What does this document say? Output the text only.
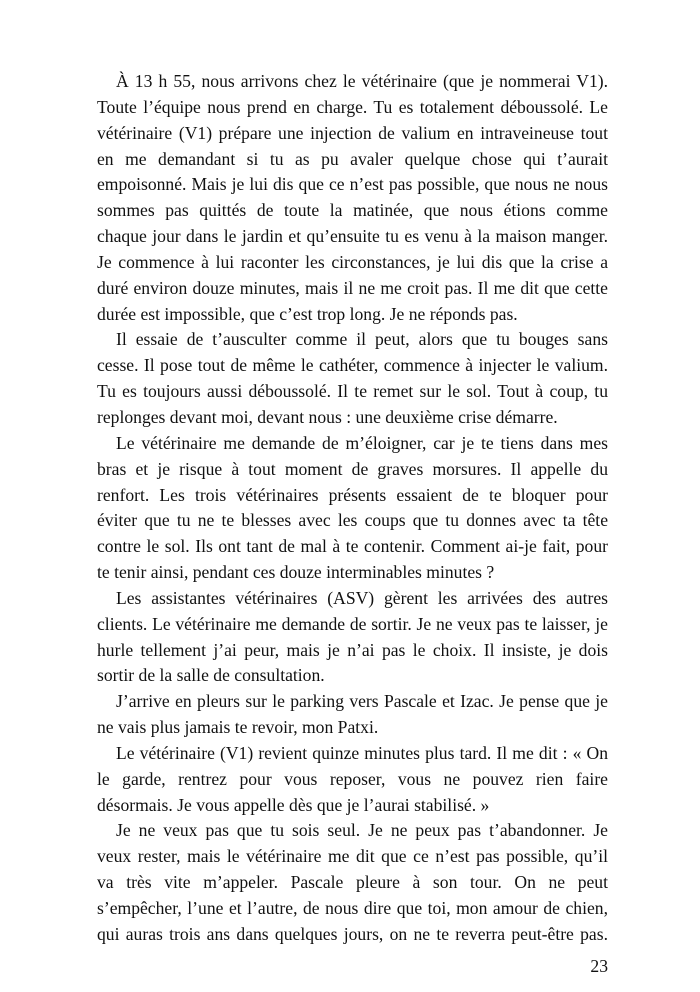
À 13 h 55, nous arrivons chez le vétérinaire (que je nommerai V1).
Toute l’équipe nous prend en charge. Tu es totalement déboussolé. Le
vétérinaire (V1) prépare une injection de valium en intraveineuse tout
en me demandant si tu as pu avaler quelque chose qui t’aurait
empoisonné. Mais je lui dis que ce n’est pas possible, que nous ne nous
sommes pas quittés de toute la matinée, que nous étions comme
chaque jour dans le jardin et qu’ensuite tu es venu à la maison manger.
Je commence à lui raconter les circonstances, je lui dis que la crise a
duré environ douze minutes, mais il ne me croit pas. Il me dit que cette
durée est impossible, que c’est trop long. Je ne réponds pas.
Il essaie de t’ausculter comme il peut, alors que tu bouges sans
cesse. Il pose tout de même le cathéter, commence à injecter le valium.
Tu es toujours aussi déboussolé. Il te remet sur le sol. Tout à coup, tu
replonges devant moi, devant nous : une deuxième crise démarre.
Le vétérinaire me demande de m’éloigner, car je te tiens dans mes
bras et je risque à tout moment de graves morsures. Il appelle du
renfort. Les trois vétérinaires présents essaient de te bloquer pour
éviter que tu ne te blesses avec les coups que tu donnes avec ta tête
contre le sol. Ils ont tant de mal à te contenir. Comment ai-je fait, pour
te tenir ainsi, pendant ces douze interminables minutes ?
Les assistantes vétérinaires (ASV) gèrent les arrivées des autres
clients. Le vétérinaire me demande de sortir. Je ne veux pas te laisser, je
hurle tellement j’ai peur, mais je n’ai pas le choix. Il insiste, je dois
sortir de la salle de consultation.
J’arrive en pleurs sur le parking vers Pascale et Izac. Je pense que je
ne vais plus jamais te revoir, mon Patxi.
Le vétérinaire (V1) revient quinze minutes plus tard. Il me dit : « On
le garde, rentrez pour vous reposer, vous ne pouvez rien faire
désormais. Je vous appelle dès que je l’aurai stabilisé. »
Je ne veux pas que tu sois seul. Je ne peux pas t’abandonner. Je
veux rester, mais le vétérinaire me dit que ce n’est pas possible, qu’il
va très vite m’appeler. Pascale pleure à son tour. On ne peut
s’empêcher, l’une et l’autre, de nous dire que toi, mon amour de chien,
qui auras trois ans dans quelques jours, on ne te reverra peut-être pas.
23
